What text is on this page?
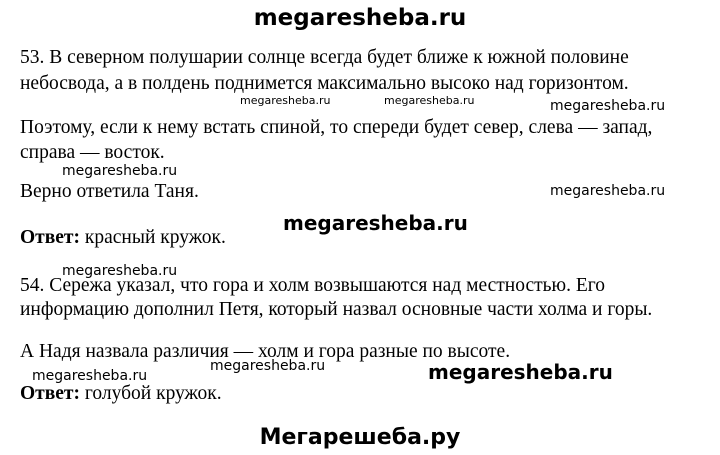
megaresheba.ru
53. В северном полушарии солнце всегда будет ближе к южной половине
небосвода, а в полдень поднимется максимально высоко над горизонтом.
megaresheba.ru	megaresheba.ru	megaresheba.ru
Поэтому, если к нему встать спиной, то спереди будет север, слева — запад,
справа — восток.
megaresheba.ru
Верно ответила Таня.	megaresheba.ru
megaresheba.ru
Ответ: красный кружок.
megaresheba.ru
54. Сережа указал, что гора и холм возвышаются над местностью. Его
информацию дополнил Петя, который назвал основные части холма и горы.
А Надя назвала различия — холм и гора разные по высоте.
megaresheba.ru	megaresheba.ru
megaresheba.ru
Ответ: голубой кружок.
Мегарешеба.ру
